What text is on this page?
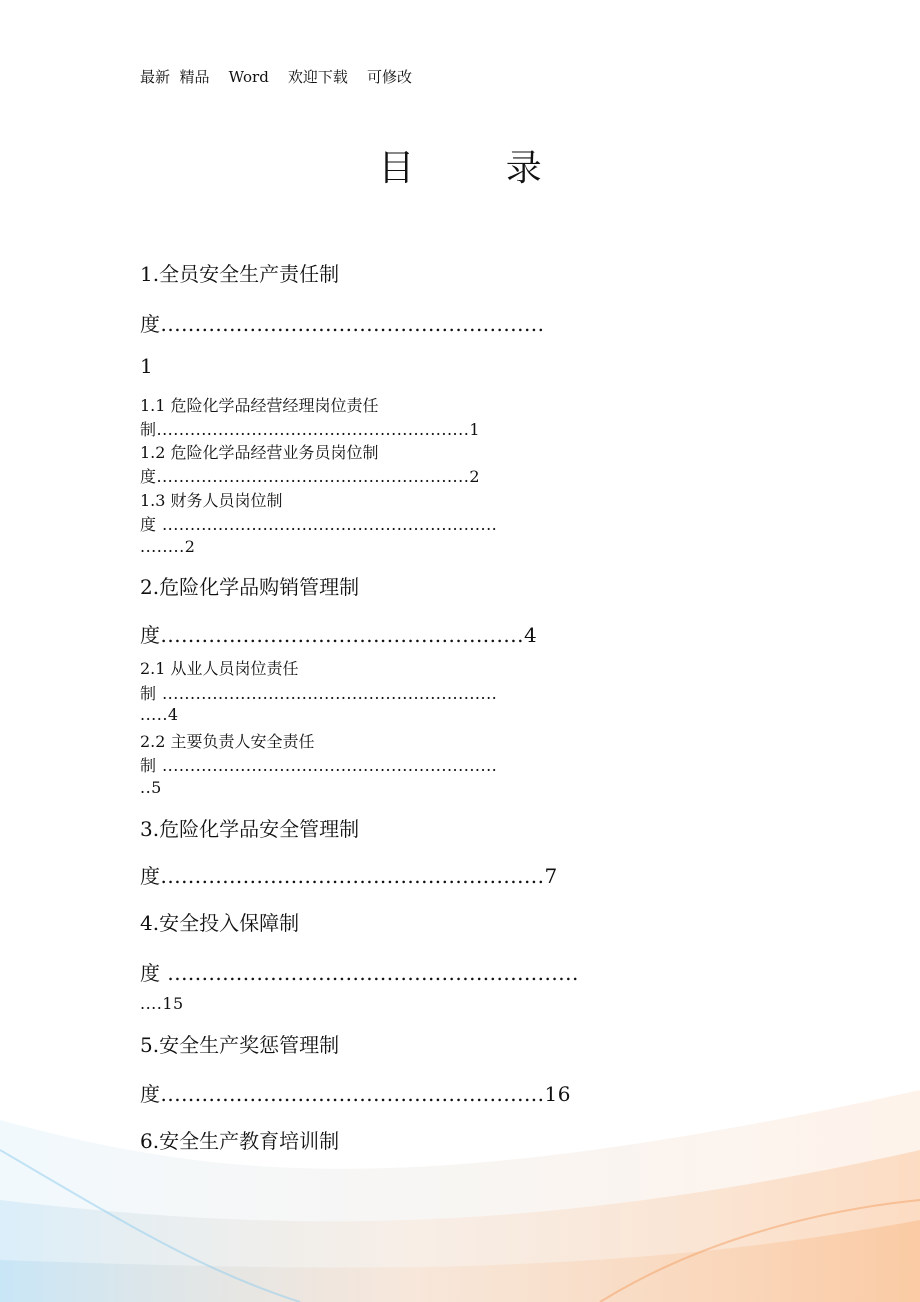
最新  精品    Word    欢迎下载    可修改
目 录
1.全员安全生产责任制
度........................................................
1
1.1 危险化学品经营经理岗位责任
制........................................................1
1.2 危险化学品经营业务员岗位制
度........................................................2
1.3 财务人员岗位制
度 ............................................................
........2
2.危险化学品购销管理制
度.....................................................4
2.1 从业人员岗位责任
制 ............................................................
.....4
2.2 主要负责人安全责任
制 ............................................................
..5
3.危险化学品安全管理制
度........................................................7
4.安全投入保障制
度 ............................................................
....15
5.安全生产奖惩管理制
度........................................................16
6.安全生产教育培训制
